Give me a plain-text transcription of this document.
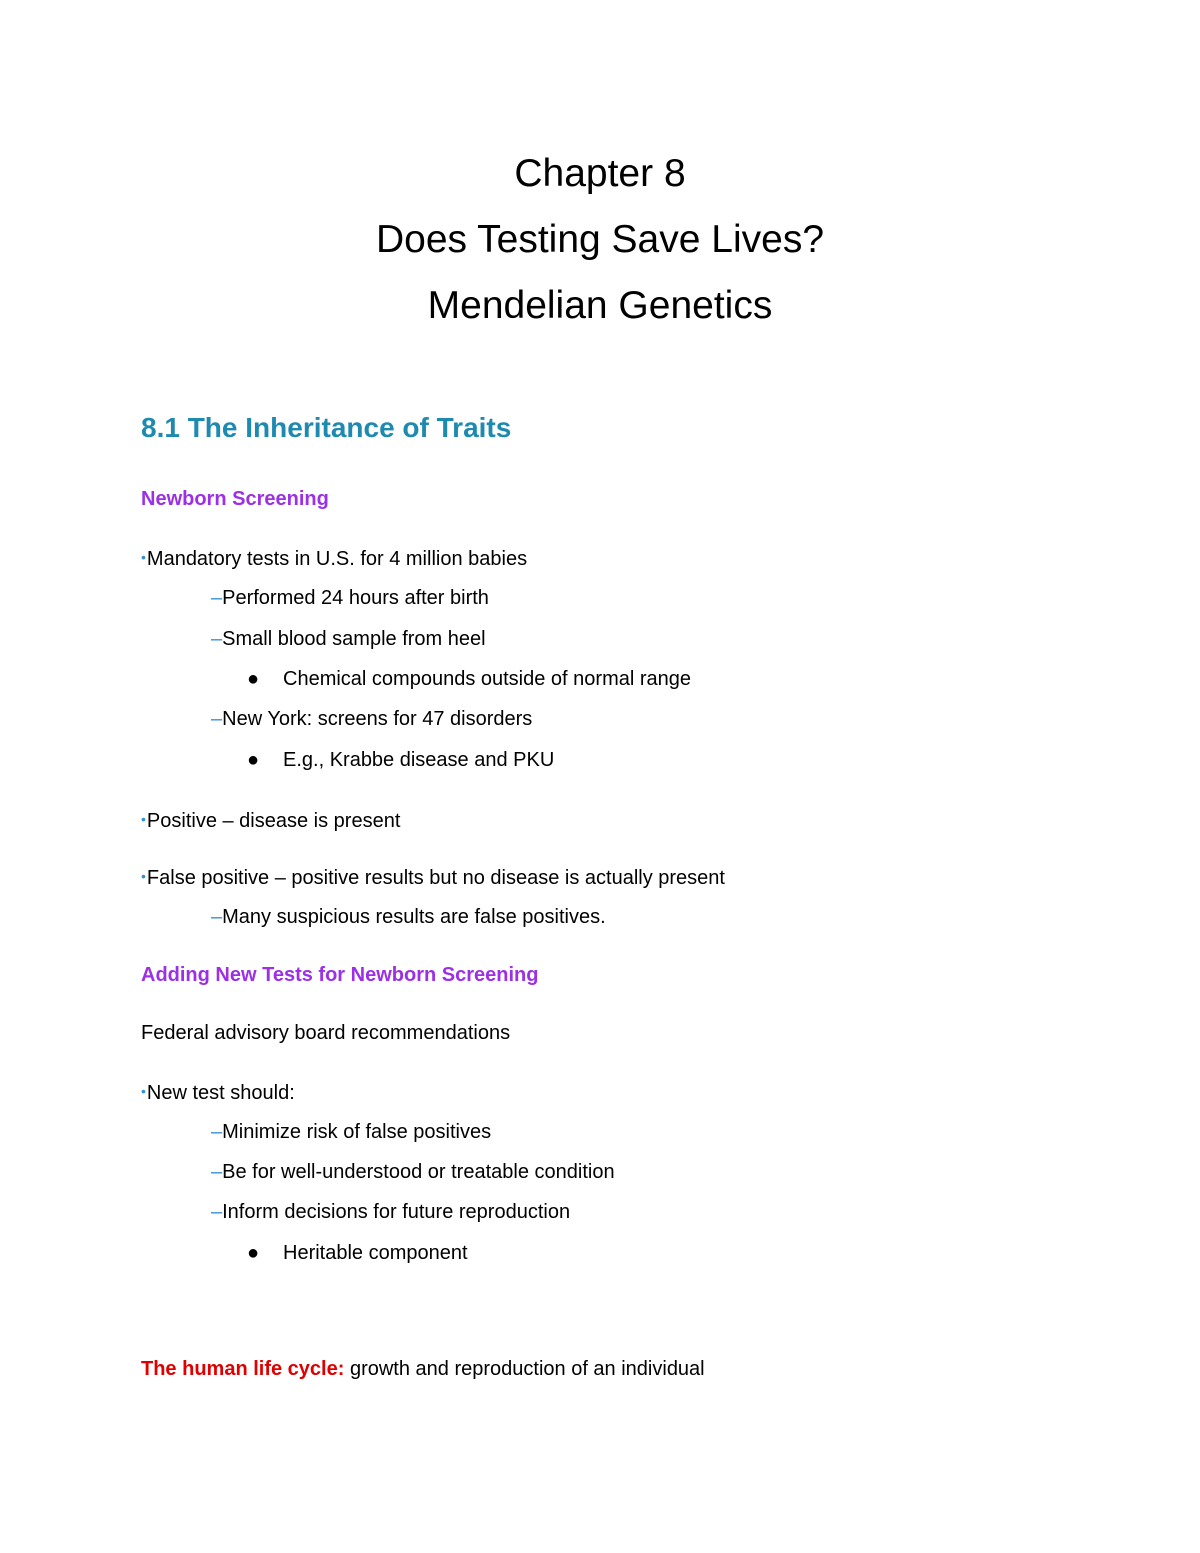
Chapter 8
Does Testing Save Lives?
Mendelian Genetics
8.1 The Inheritance of Traits
Newborn Screening
•Mandatory tests in U.S. for 4 million babies
–Performed 24 hours after birth
–Small blood sample from heel
● Chemical compounds outside of normal range
–New York: screens for 47 disorders
● E.g., Krabbe disease and PKU
•Positive – disease is present
•False positive – positive results but no disease is actually present
–Many suspicious results are false positives.
Adding New Tests for Newborn Screening
Federal advisory board recommendations
•New test should:
–Minimize risk of false positives
–Be for well-understood or treatable condition
–Inform decisions for future reproduction
● Heritable component
The human life cycle: growth and reproduction of an individual
